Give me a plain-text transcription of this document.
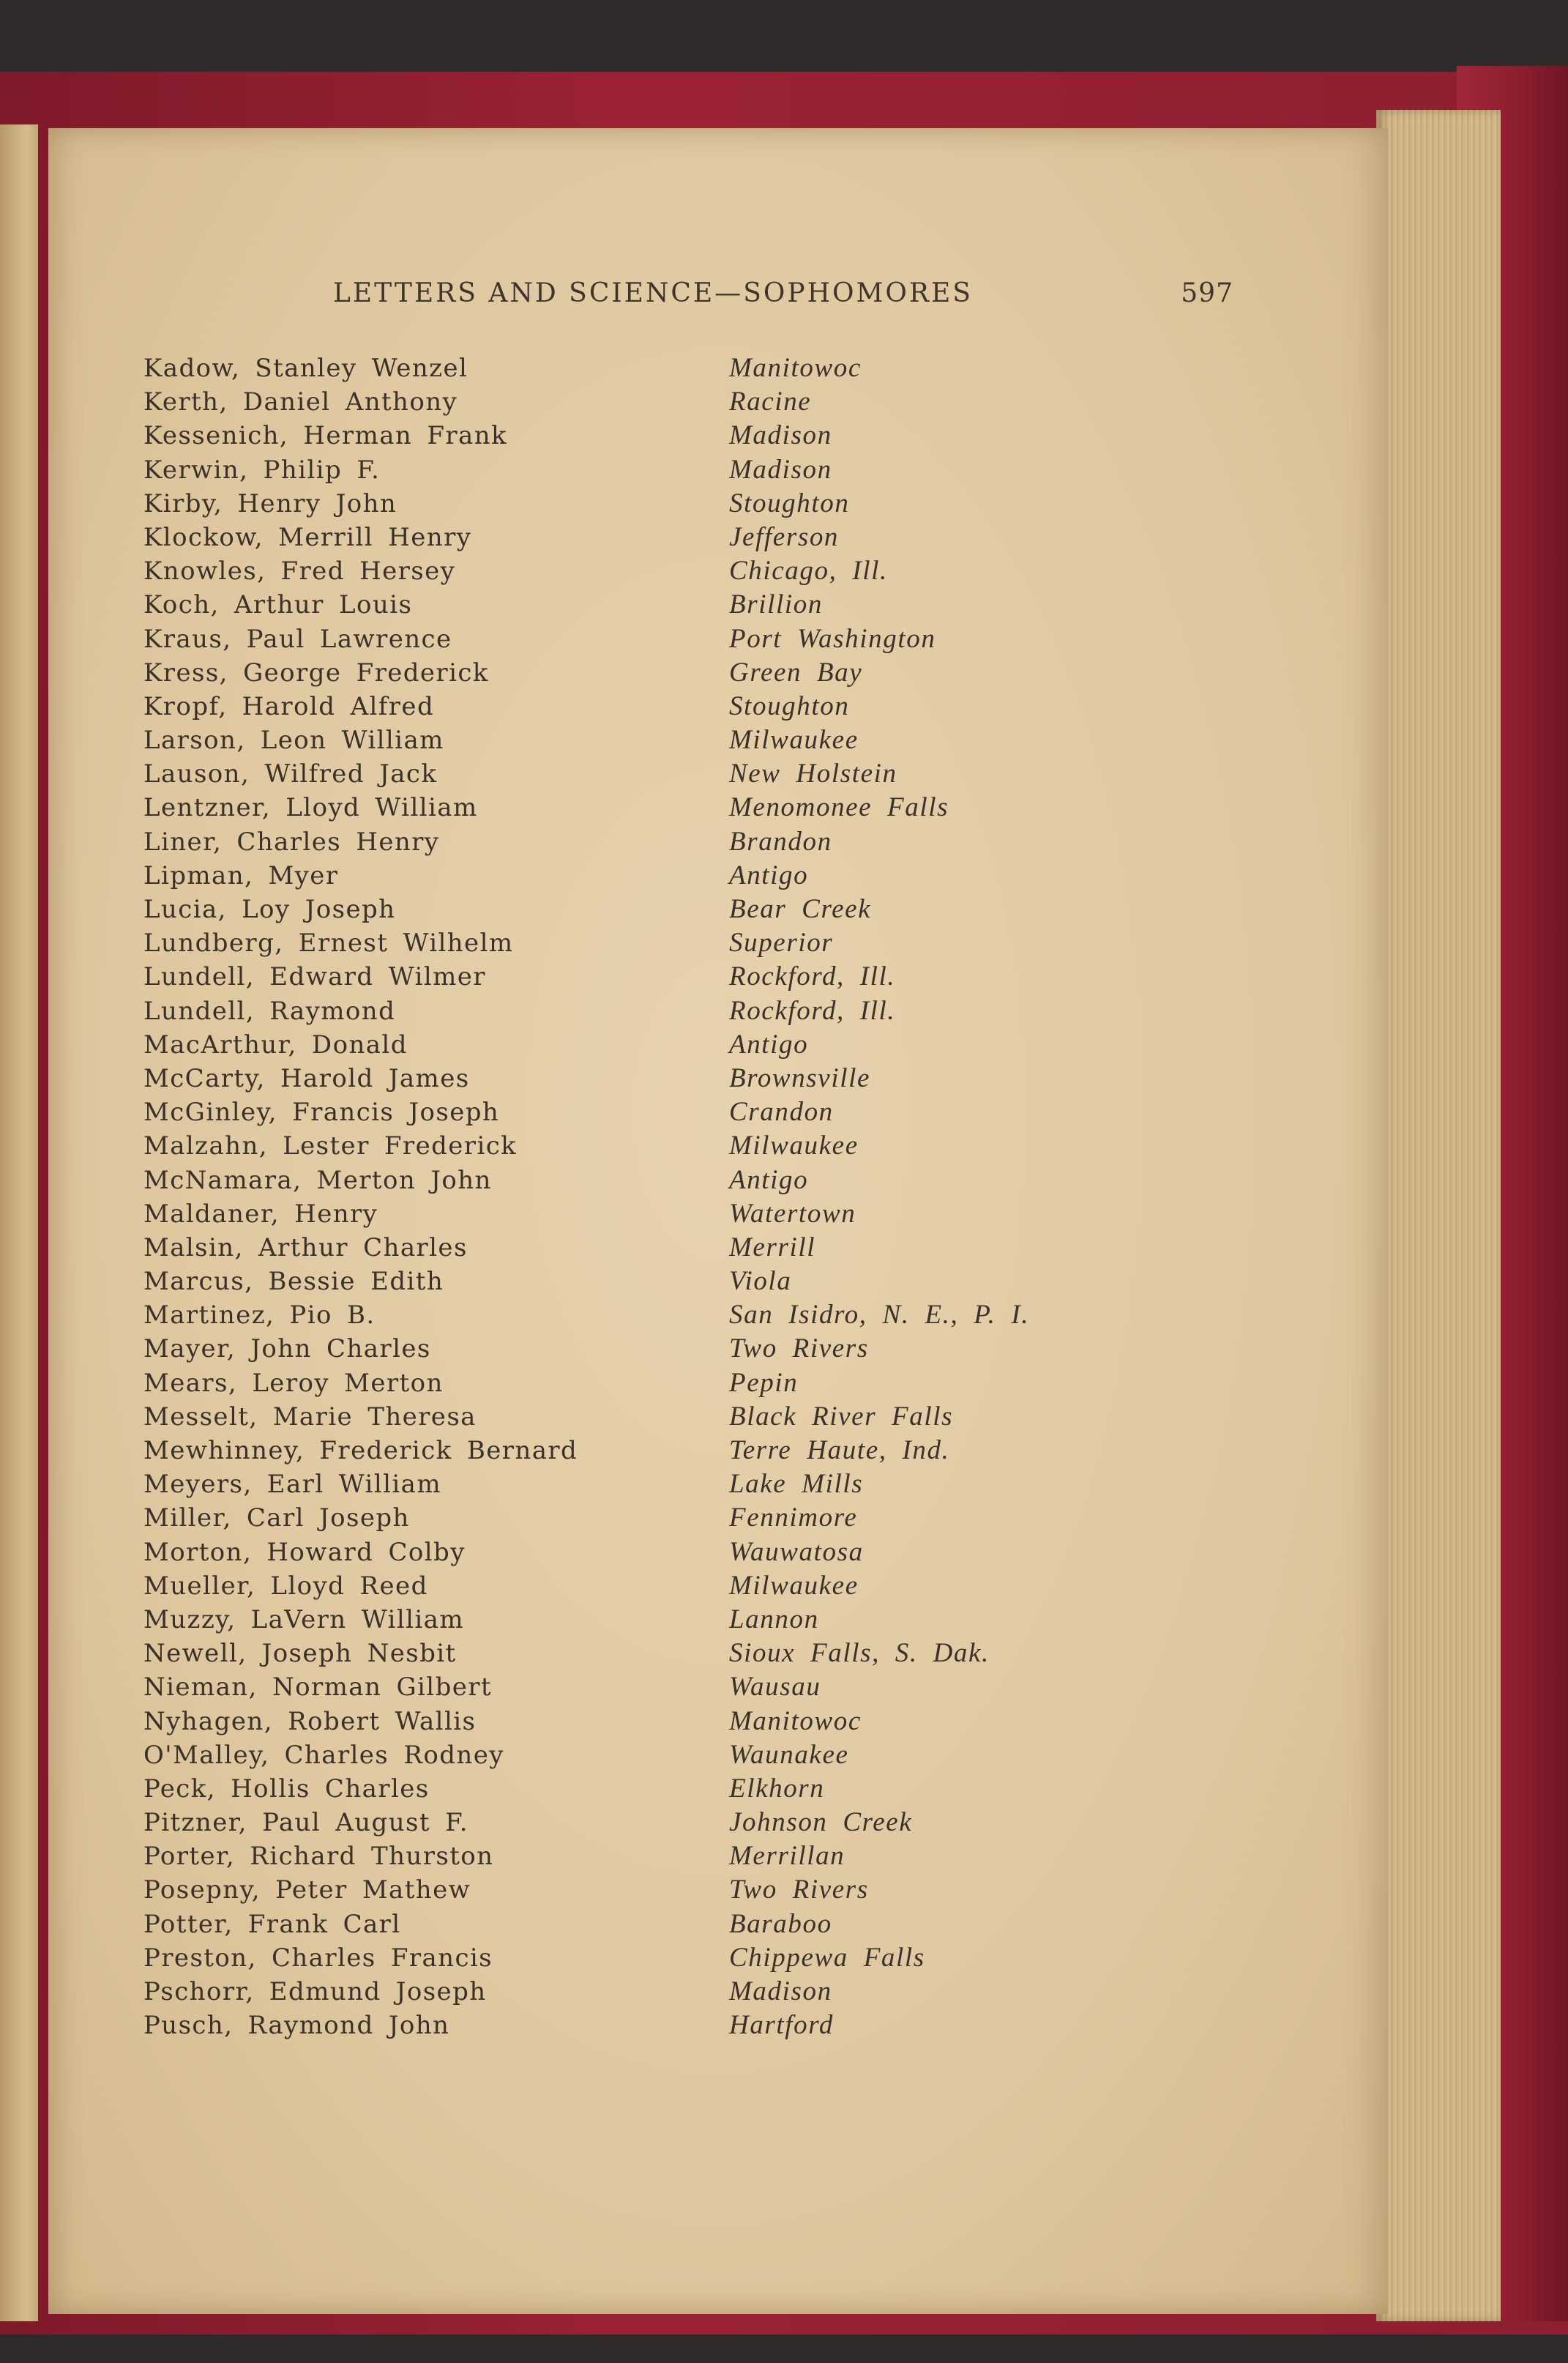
LETTERS AND SCIENCE—SOPHOMORES	597
Kadow, Stanley Wenzel	Manitowoc
Kerth, Daniel Anthony	Racine
Kessenich, Herman Frank	Madison
Kerwin, Philip F.	Madison
Kirby, Henry John	Stoughton
Klockow, Merrill Henry	Jefferson
Knowles, Fred Hersey	Chicago, Ill.
Koch, Arthur Louis	Brillion
Kraus, Paul Lawrence	Port Washington
Kress, George Frederick	Green Bay
Kropf, Harold Alfred	Stoughton
Larson, Leon William	Milwaukee
Lauson, Wilfred Jack	New Holstein
Lentzner, Lloyd William	Menomonee Falls
Liner, Charles Henry	Brandon
Lipman, Myer	Antigo
Lucia, Loy Joseph	Bear Creek
Lundberg, Ernest Wilhelm	Superior
Lundell, Edward Wilmer	Rockford, Ill.
Lundell, Raymond	Rockford, Ill.
MacArthur, Donald	Antigo
McCarty, Harold James	Brownsville
McGinley, Francis Joseph	Crandon
Malzahn, Lester Frederick	Milwaukee
McNamara, Merton John	Antigo
Maldaner, Henry	Watertown
Malsin, Arthur Charles	Merrill
Marcus, Bessie Edith	Viola
Martinez, Pio B.	San Isidro, N. E., P. I.
Mayer, John Charles	Two Rivers
Mears, Leroy Merton	Pepin
Messelt, Marie Theresa	Black River Falls
Mewhinney, Frederick Bernard	Terre Haute, Ind.
Meyers, Earl William	Lake Mills
Miller, Carl Joseph	Fennimore
Morton, Howard Colby	Wauwatosa
Mueller, Lloyd Reed	Milwaukee
Muzzy, LaVern William	Lannon
Newell, Joseph Nesbit	Sioux Falls, S. Dak.
Nieman, Norman Gilbert	Wausau
Nyhagen, Robert Wallis	Manitowoc
O'Malley, Charles Rodney	Waunakee
Peck, Hollis Charles	Elkhorn
Pitzner, Paul August F.	Johnson Creek
Porter, Richard Thurston	Merrillan
Posepny, Peter Mathew	Two Rivers
Potter, Frank Carl	Baraboo
Preston, Charles Francis	Chippewa Falls
Pschorr, Edmund Joseph	Madison
Pusch, Raymond John	Hartford
